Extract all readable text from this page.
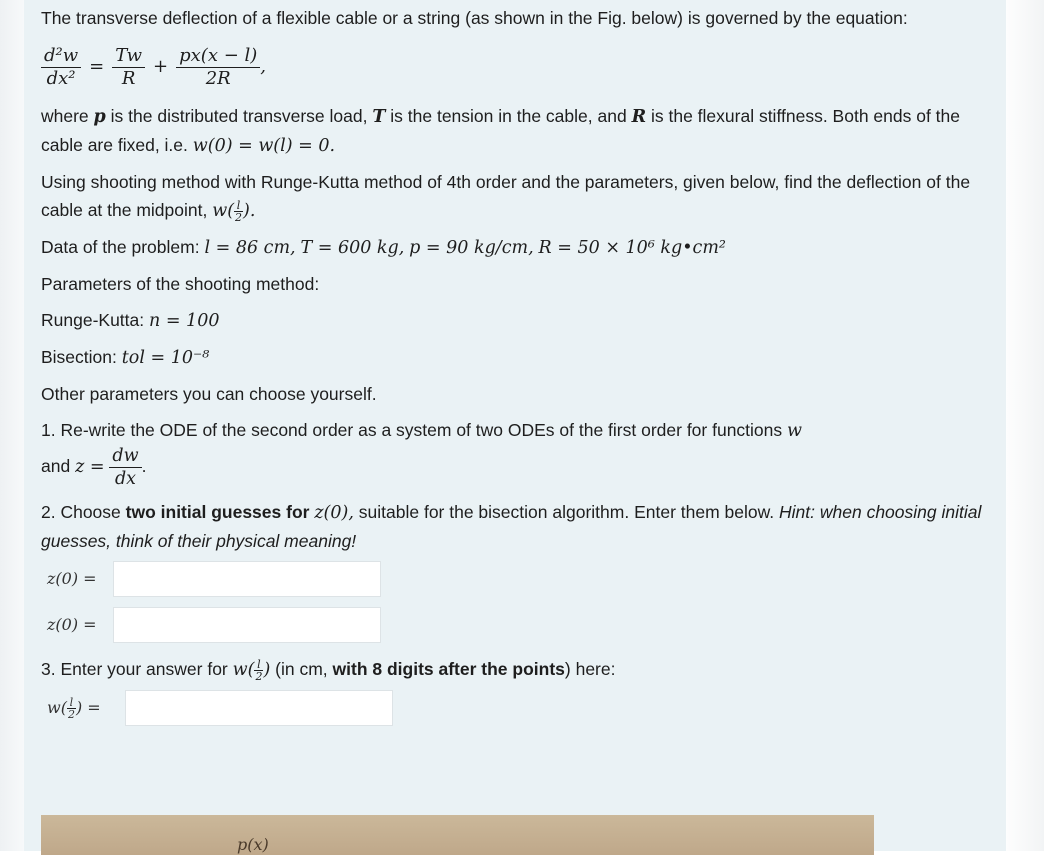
The transverse deflection of a flexible cable or a string (as shown in the Fig. below) is governed by the equation:

$\frac{\text{d²w}}{\text{dx²}} = \frac{Tw}{R} + \frac{px(x - l)}{2R}$ ,

where p is the distributed transverse load, T is the tension in the cable, and R is the flexural stiffness. Both ends of the cable are fixed, i.e. w(0) = w(l) = 0.

Using shooting method with Runge-Kutta method of 4th order and the parameters, given below, find the deflection of the cable at the midpoint, $w( \frac{l}{2}$ ).

Data of the problem: l = 86 cm, T = 600 kg, p = 90 kg/cm, R = 50 × 10⁶ kg•cm²

Parameters of the shooting method:

Runge-Kutta: n = 100

Bisection: tol = 10⁻⁸

Other parameters you can choose yourself.

1. Re-write the ODE of the second order as a system of two ODEs of the first order for functions w
and $z = \frac{dw}{dx}$ .

2. Choose two initial guesses for z(0), suitable for the bisection algorithm. Enter them below. Hint: when choosing initial guesses, think of their physical meaning!

z(0) =
z(0) =

3. Enter your answer for $w( \frac{l}{2}$ ) (in cm, with 8 digits after the points) here:

$w( \frac{l}{2}$ ) =
p(x)
